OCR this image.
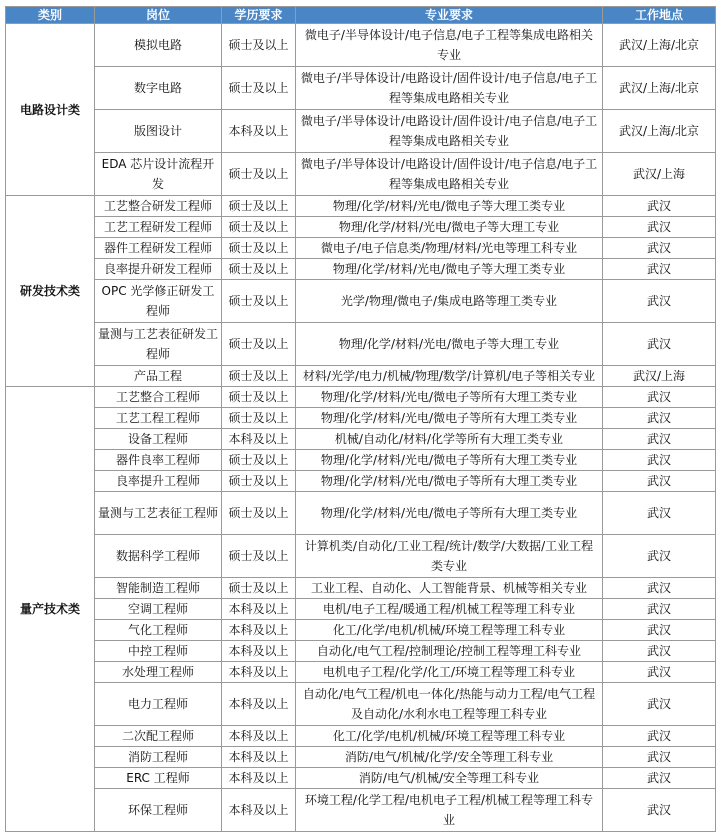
类别	岗位	学历要求	专业要求	工作地点
电路设计类	模拟电路	硕士及以上	微电子/半导体设计/电子信息/电子工程等集成电路相关专业	武汉/上海/北京
	数字电路	硕士及以上	微电子/半导体设计/电路设计/固件设计/电子信息/电子工程等集成电路相关专业	武汉/上海/北京
	版图设计	本科及以上	微电子/半导体设计/电路设计/固件设计/电子信息/电子工程等集成电路相关专业	武汉/上海/北京
	EDA 芯片设计流程开发	硕士及以上	微电子/半导体设计/电路设计/固件设计/电子信息/电子工程等集成电路相关专业	武汉/上海
研发技术类	工艺整合研发工程师	硕士及以上	物理/化学/材料/光电/微电子等大理工类专业	武汉
	工艺工程研发工程师	硕士及以上	物理/化学/材料/光电/微电子等大理工专业	武汉
	器件工程研发工程师	硕士及以上	微电子/电子信息类/物理/材料/光电等理工科专业	武汉
	良率提升研发工程师	硕士及以上	物理/化学/材料/光电/微电子等大理工类专业	武汉
	OPC 光学修正研发工程师	硕士及以上	光学/物理/微电子/集成电路等理工类专业	武汉
	量测与工艺表征研发工程师	硕士及以上	物理/化学/材料/光电/微电子等大理工专业	武汉
	产品工程	硕士及以上	材料/光学/电力/机械/物理/数学/计算机/电子等相关专业	武汉/上海
量产技术类	工艺整合工程师	硕士及以上	物理/化学/材料/光电/微电子等所有大理工类专业	武汉
	工艺工程工程师	硕士及以上	物理/化学/材料/光电/微电子等所有大理工类专业	武汉
	设备工程师	本科及以上	机械/自动化/材料/化学等所有大理工类专业	武汉
	器件良率工程师	硕士及以上	物理/化学/材料/光电/微电子等所有大理工类专业	武汉
	良率提升工程师	硕士及以上	物理/化学/材料/光电/微电子等所有大理工类专业	武汉
	量测与工艺表征工程师	硕士及以上	物理/化学/材料/光电/微电子等所有大理工类专业	武汉
	数据科学工程师	硕士及以上	计算机类/自动化/工业工程/统计/数学/大数据/工业工程类专业	武汉
	智能制造工程师	硕士及以上	工业工程、自动化、人工智能背景、机械等相关专业	武汉
	空调工程师	本科及以上	电机/电子工程/暖通工程/机械工程等理工科专业	武汉
	气化工程师	本科及以上	化工/化学/电机/机械/环境工程等理工科专业	武汉
	中控工程师	本科及以上	自动化/电气工程/控制理论/控制工程等理工科专业	武汉
	水处理工程师	本科及以上	电机电子工程/化学/化工/环境工程等理工科专业	武汉
	电力工程师	本科及以上	自动化/电气工程/机电一体化/热能与动力工程/电气工程及自动化/水利水电工程等理工科专业	武汉
	二次配工程师	本科及以上	化工/化学/电机/机械/环境工程等理工科专业	武汉
	消防工程师	本科及以上	消防/电气/机械/化学/安全等理工科专业	武汉
	ERC 工程师	本科及以上	消防/电气/机械/安全等理工科专业	武汉
	环保工程师	本科及以上	环境工程/化学工程/电机电子工程/机械工程等理工科专业	武汉
